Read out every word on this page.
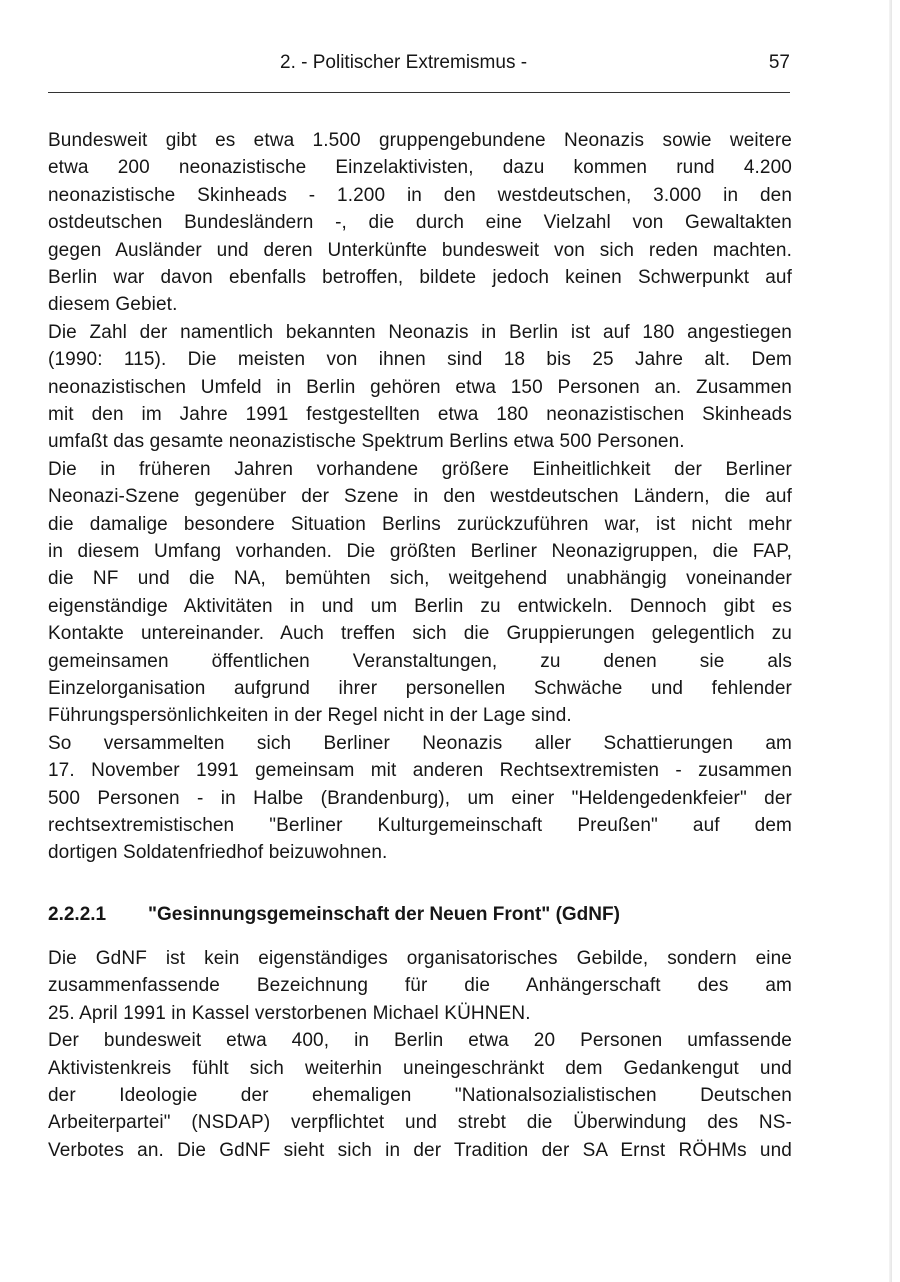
2. - Politischer Extremismus -	57
Bundesweit gibt es etwa 1.500 gruppengebundene Neonazis sowie weitere
etwa 200 neonazistische Einzelaktivisten, dazu kommen rund 4.200
neonazistische Skinheads - 1.200 in den westdeutschen, 3.000 in den
ostdeutschen Bundesländern -, die durch eine Vielzahl von Gewaltakten
gegen Ausländer und deren Unterkünfte bundesweit von sich reden machten.
Berlin war davon ebenfalls betroffen, bildete jedoch keinen Schwerpunkt auf
diesem Gebiet.
Die Zahl der namentlich bekannten Neonazis in Berlin ist auf 180 angestiegen
(1990: 115). Die meisten von ihnen sind 18 bis 25 Jahre alt. Dem
neonazistischen Umfeld in Berlin gehören etwa 150 Personen an. Zusammen
mit den im Jahre 1991 festgestellten etwa 180 neonazistischen Skinheads
umfaßt das gesamte neonazistische Spektrum Berlins etwa 500 Personen.
Die in früheren Jahren vorhandene größere Einheitlichkeit der Berliner
Neonazi-Szene gegenüber der Szene in den westdeutschen Ländern, die auf
die damalige besondere Situation Berlins zurückzuführen war, ist nicht mehr
in diesem Umfang vorhanden. Die größten Berliner Neonazigruppen, die FAP,
die NF und die NA, bemühten sich, weitgehend unabhängig voneinander
eigenständige Aktivitäten in und um Berlin zu entwickeln. Dennoch gibt es
Kontakte untereinander. Auch treffen sich die Gruppierungen gelegentlich zu
gemeinsamen öffentlichen Veranstaltungen, zu denen sie als
Einzelorganisation aufgrund ihrer personellen Schwäche und fehlender
Führungspersönlichkeiten in der Regel nicht in der Lage sind.
So versammelten sich Berliner Neonazis aller Schattierungen am
17. November 1991 gemeinsam mit anderen Rechtsextremisten - zusammen
500 Personen - in Halbe (Brandenburg), um einer "Heldengedenkfeier" der
rechtsextremistischen "Berliner Kulturgemeinschaft Preußen" auf dem
dortigen Soldatenfriedhof beizuwohnen.
2.2.2.1 "Gesinnungsgemeinschaft der Neuen Front" (GdNF)
Die GdNF ist kein eigenständiges organisatorisches Gebilde, sondern eine
zusammenfassende Bezeichnung für die Anhängerschaft des am
25. April 1991 in Kassel verstorbenen Michael KÜHNEN.
Der bundesweit etwa 400, in Berlin etwa 20 Personen umfassende
Aktivistenkreis fühlt sich weiterhin uneingeschränkt dem Gedankengut und
der Ideologie der ehemaligen "Nationalsozialistischen Deutschen
Arbeiterpartei" (NSDAP) verpflichtet und strebt die Überwindung des NS-
Verbotes an. Die GdNF sieht sich in der Tradition der SA Ernst RÖHMs und
